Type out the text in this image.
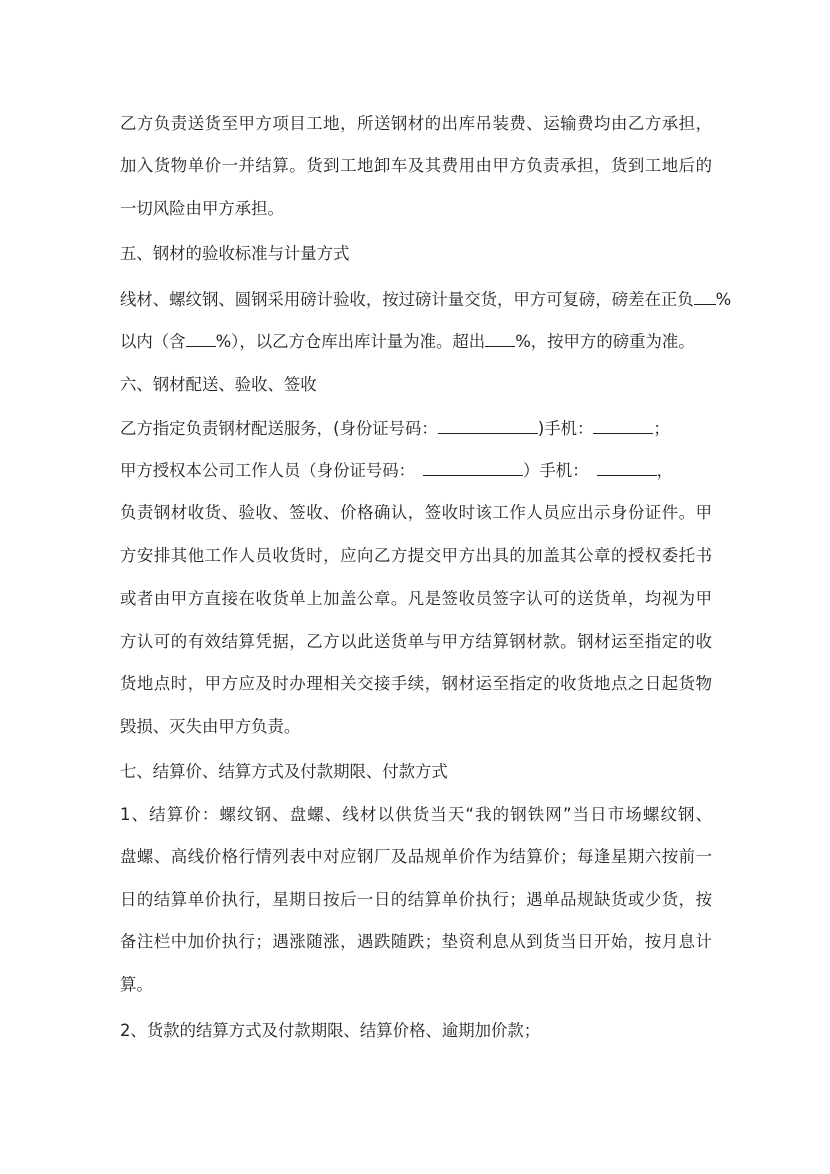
乙方负责送货至甲方项目工地，所送钢材的出库吊装费、运输费均由乙方承担，
加入货物单价一并结算。货到工地卸车及其费用由甲方负责承担，货到工地后的
一切风险由甲方承担。
五、钢材的验收标准与计量方式
线材、螺纹钢、圆钢采用磅计验收，按过磅计量交货，甲方可复磅，磅差在正负 %
以内（含 %），以乙方仓库出库计量为准。超出 %，按甲方的磅重为准。
六、钢材配送、验收、签收
乙方指定负责钢材配送服务，(身份证号码：	)手机：	；
甲方授权本公司工作人员（身份证号码：	）手机：	，
负责钢材收货、验收、签收、价格确认，签收时该工作人员应出示身份证件。甲
方安排其他工作人员收货时，应向乙方提交甲方出具的加盖其公章的授权委托书
或者由甲方直接在收货单上加盖公章。凡是签收员签字认可的送货单，均视为甲
方认可的有效结算凭据，乙方以此送货单与甲方结算钢材款。钢材运至指定的收
货地点时，甲方应及时办理相关交接手续，钢材运至指定的收货地点之日起货物
毁损、灭失由甲方负责。
七、结算价、结算方式及付款期限、付款方式
1、结算价：螺纹钢、盘螺、线材以供货当天“我的钢铁网”当日市场螺纹钢、
盘螺、高线价格行情列表中对应钢厂及品规单价作为结算价；每逢星期六按前一
日的结算单价执行，星期日按后一日的结算单价执行；遇单品规缺货或少货，按
备注栏中加价执行；遇涨随涨，遇跌随跌；垫资利息从到货当日开始，按月息计
算。
2、货款的结算方式及付款期限、结算价格、逾期加价款；
